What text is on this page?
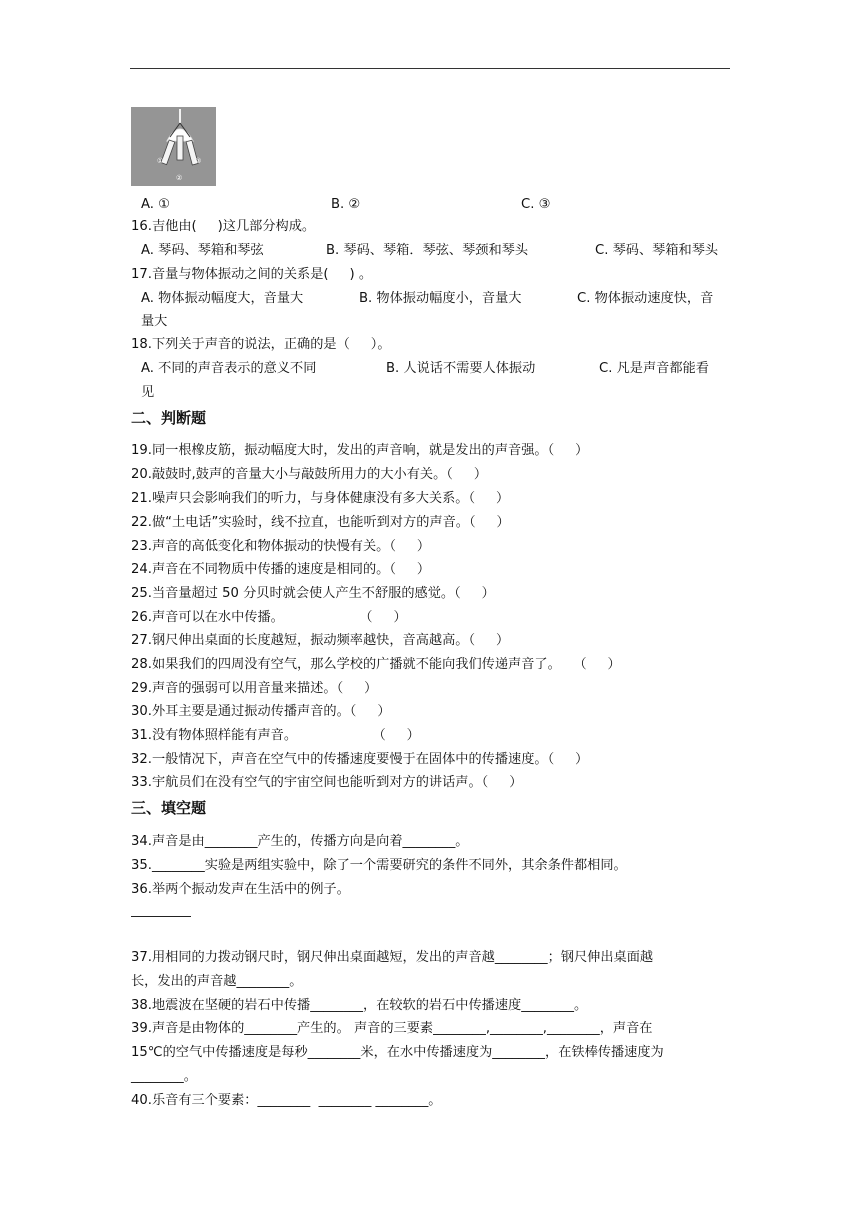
①	③
②
A. ①	B. ②	C. ③
16.吉他由(     )这几部分构成。
A. 琴码、琴箱和琴弦	B. 琴码、琴箱．琴弦、琴颈和琴头	C. 琴码、琴箱和琴头
17.音量与物体振动之间的关系是(     ) 。
A. 物体振动幅度大，音量大	B. 物体振动幅度小，音量大	C. 物体振动速度快，音
量大
18.下列关于声音的说法，正确的是（     ）。
A. 不同的声音表示的意义不同	B. 人说话不需要人体振动	C. 凡是声音都能看
见
二、判断题
19.同一根橡皮筋，振动幅度大时，发出的声音响，就是发出的声音强。（     ）
20.敲鼓时,鼓声的音量大小与敲鼓所用力的大小有关。（     ）
21.噪声只会影响我们的听力，与身体健康没有多大关系。（     ）
22.做“土电话”实验时，线不拉直，也能听到对方的声音。（     ）
23.声音的高低变化和物体振动的快慢有关。（     ）
24.声音在不同物质中传播的速度是相同的。（     ）
25.当音量超过 50 分贝时就会使人产生不舒服的感觉。（     ）
26.声音可以在水中传播。                  （     ）
27.钢尺伸出桌面的长度越短，振动频率越快，音高越高。（     ）
28.如果我们的四周没有空气，那么学校的广播就不能向我们传递声音了。   （     ）
29.声音的强弱可以用音量来描述。（     ）
30.外耳主要是通过振动传播声音的。（     ）
31.没有物体照样能有声音。                  （     ）
32.一般情况下，声音在空气中的传播速度要慢于在固体中的传播速度。（     ）
33.宇航员们在没有空气的宇宙空间也能听到对方的讲话声。（     ）
三、填空题
34.声音是由________产生的，传播方向是向着________。
35.________实验是两组实验中，除了一个需要研究的条件不同外，其余条件都相同。
36.举两个振动发声在生活中的例子。
37.用相同的力拨动钢尺时，钢尺伸出桌面越短，发出的声音越________；钢尺伸出桌面越
长，发出的声音越________。
38.地震波在坚硬的岩石中传播________，在较软的岩石中传播速度________。
39.声音是由物体的________产生的。 声音的三要素________,________,________，声音在
15℃的空气中传播速度是每秒________米，在水中传播速度为________，在铁棒传播速度为
________。
40.乐音有三个要素：________  ________ ________。
